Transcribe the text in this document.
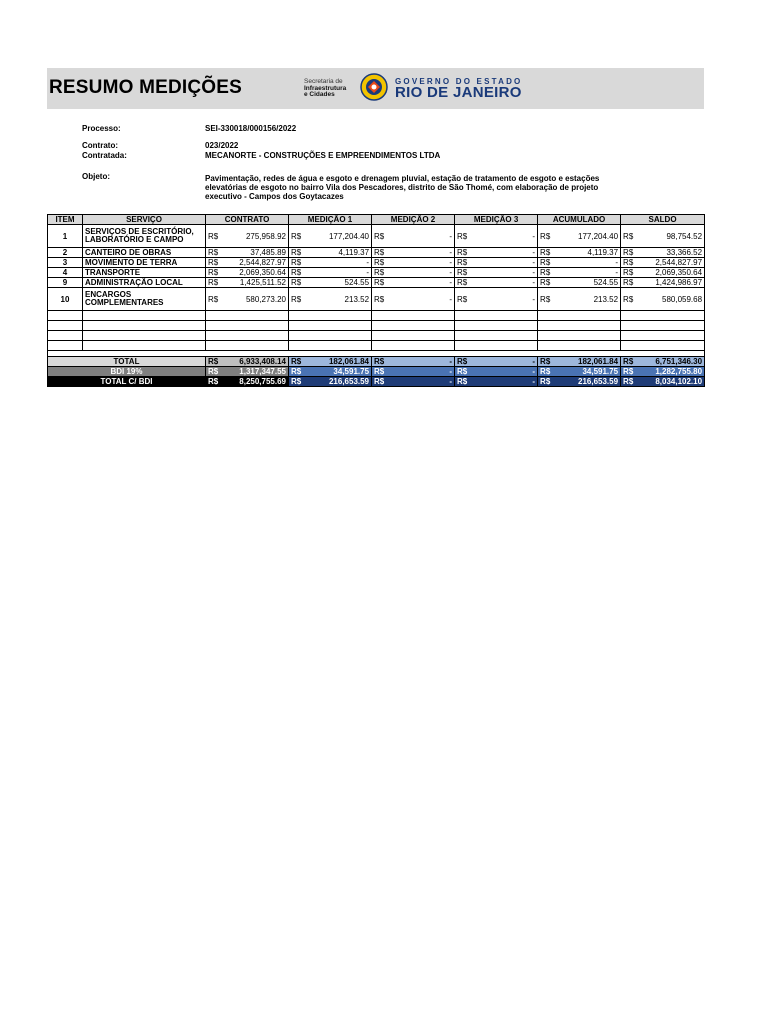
RESUMO MEDIÇÕES	Secretaria de
Infraestrutura
e Cidades
GOVERNO DO ESTADO
RIO DE JANEIRO
Processo:	SEI-330018/000156/2022
Contrato:	023/2022
Contratada:	MECANORTE - CONSTRUÇÕES E EMPREENDIMENTOS LTDA
Objeto:	Pavimentação, redes de água e esgoto e drenagem pluvial, estação de tratamento de esgoto e estações elevatórias de esgoto no bairro Vila dos Pescadores, distrito de São Thomé, com elaboração de projeto executivo - Campos dos Goytacazes
ITEM	SERVIÇO	CONTRATO		MEDIÇÃO 1		MEDIÇÃO 2		MEDIÇÃO 3		ACUMULADO		SALDO	
1	SERVIÇOS DE ESCRITÓRIO, LABORATÓRIO E CAMPO	R$	275,958.92	R$	177,204.40	R$	-	R$	-	R$	177,204.40	R$	98,754.52
2	CANTEIRO DE OBRAS	R$	37,485.89	R$	4,119.37	R$	-	R$	-	R$	4,119.37	R$	33,366.52
3	MOVIMENTO DE TERRA	R$	2,544,827.97	R$	-	R$	-	R$	-	R$	-	R$	2,544,827.97
4	TRANSPORTE	R$	2,069,350.64	R$	-	R$	-	R$	-	R$	-	R$	2,069,350.64
9	ADMINISTRAÇÃO LOCAL	R$	1,425,511.52	R$	524.55	R$	-	R$	-	R$	524.55	R$	1,424,986.97
10	ENCARGOS COMPLEMENTARES	R$	580,273.20	R$	213.52	R$	-	R$	-	R$	213.52	R$	580,059.68

TOTAL		R$	6,933,408.14	R$	182,061.84	R$	-	R$	-	R$	182,061.84	R$	6,751,346.30
BDI 19%		R$	1,317,347.55	R$	34,591.75	R$	-	R$	-	R$	34,591.75	R$	1,282,755.80
TOTAL C/ BDI		R$	8,250,755.69	R$	216,653.59	R$	-	R$	-	R$	216,653.59	R$	8,034,102.10
